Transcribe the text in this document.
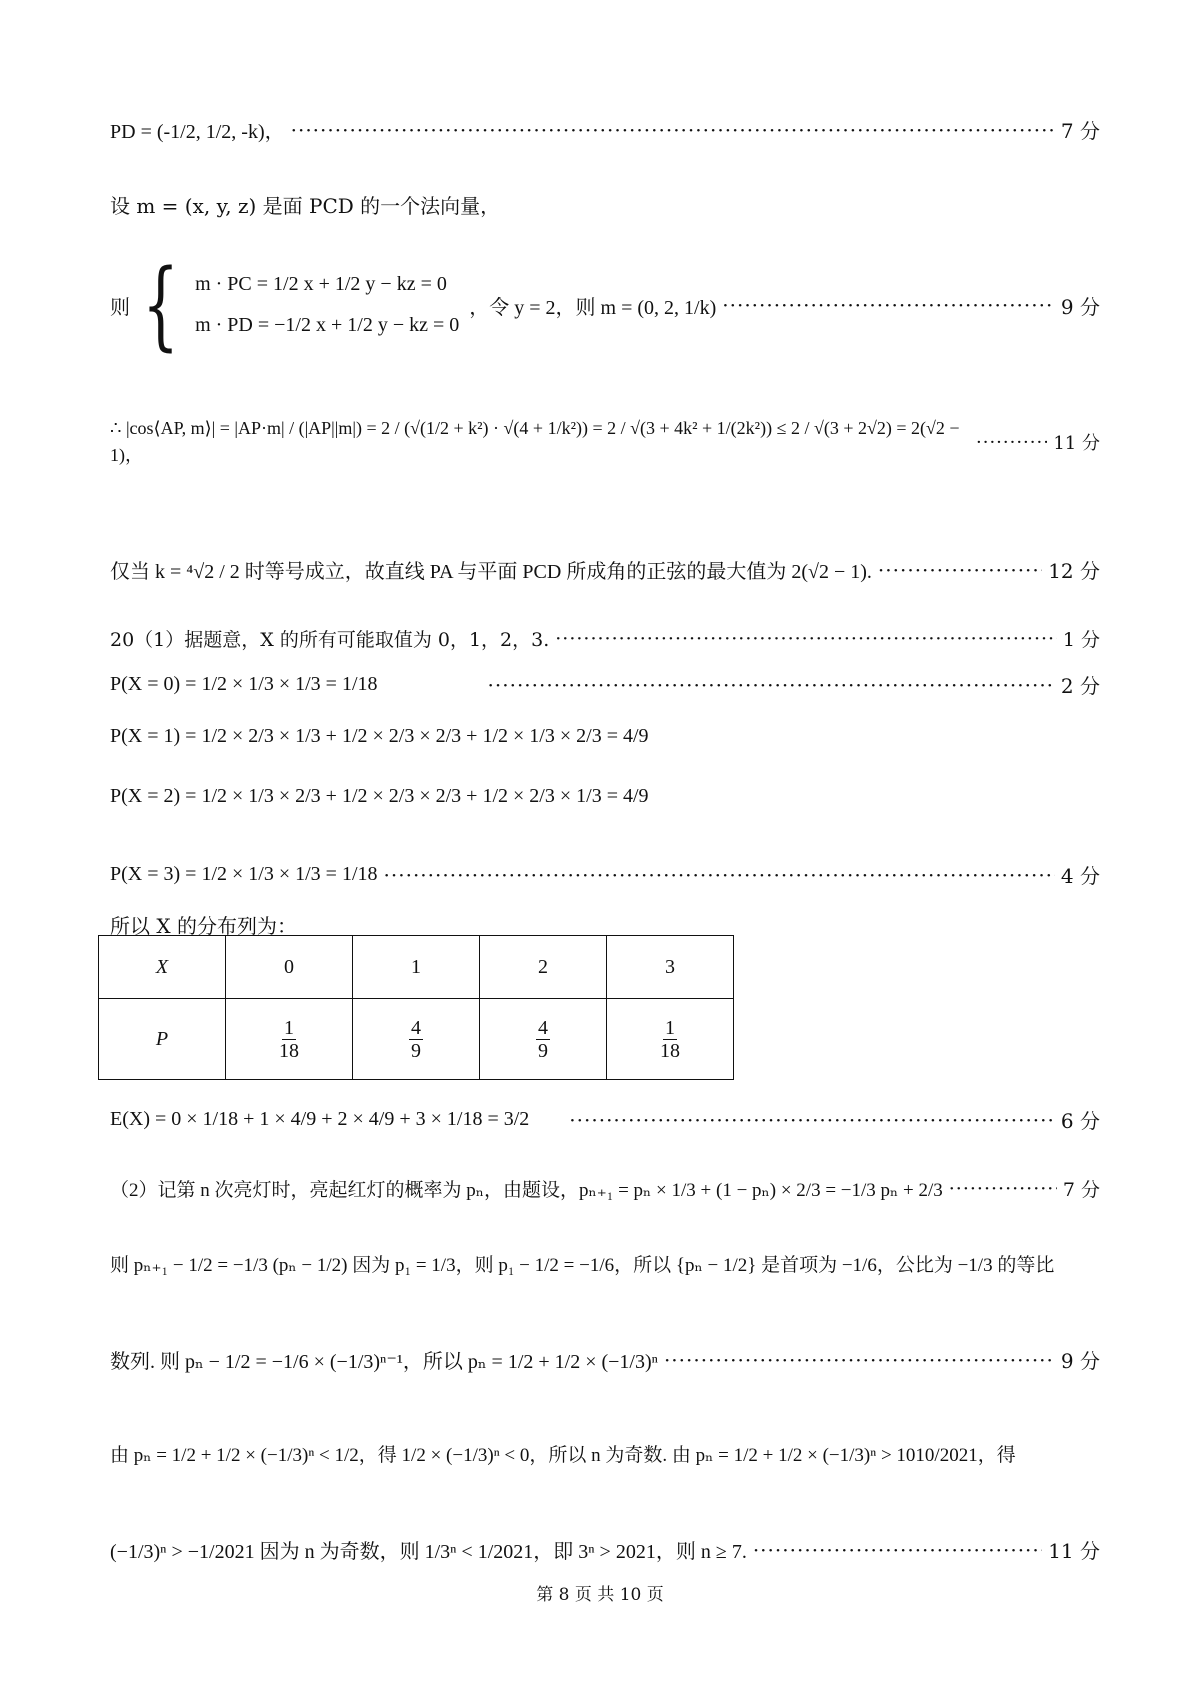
PD = (-1/2, 1/2, -k)， ·····	7 分
设 m = (x, y, z) 是面 PCD 的一个法向量，
则 { m · PC = 1/2 x + 1/2 y − kz = 0
m · PD = −1/2 x + 1/2 y − kz = 0
，令 y = 2，则 m = (0, 2, 1/k) ·····	9 分
∴ |cos⟨AP, m⟩| = |AP·m| / (|AP||m|) = 2 / (√(1/2 + k²) · √(4 + 1/k²)) = 2 / √(3 + 4k² + 1/(2k²)) ≤ 2 / √(3 + 2√2) = 2(√2 − 1)，
·····
11 分
仅当 k = ⁴√2 / 2 时等号成立，故直线 PA 与平面 PCD 所成角的正弦的最大值为 2(√2 − 1). ·····	12 分
20（1）据题意，X 的所有可能取值为 0，1，2，3. ·····	1 分
P(X = 0) = 1/2 × 1/3 × 1/3 = 1/18 ·····	2 分
P(X = 1) = 1/2 × 2/3 × 1/3 + 1/2 × 2/3 × 2/3 + 1/2 × 1/3 × 2/3 = 4/9
P(X = 2) = 1/2 × 1/3 × 2/3 + 1/2 × 2/3 × 2/3 + 1/2 × 2/3 × 1/3 = 4/9
P(X = 3) = 1/2 × 1/3 × 1/3 = 1/18 ·····	4 分
所以 X 的分布列为：
X	0	1	2	3
P	$\frac{1}{18}$	$\frac{4}{9}$	$\frac{4}{9}$	$\frac{1}{18}$
E(X) = 0 × 1/18 + 1 × 4/9 + 2 × 4/9 + 3 × 1/18 = 3/2 ·····	6 分
（2）记第 n 次亮灯时，亮起红灯的概率为 pₙ，由题设，pₙ₊₁ = pₙ × 1/3 + (1 − pₙ) × 2/3 = −1/3 pₙ + 2/3 ·····	7 分
则 pₙ₊₁ − 1/2 = −1/3 (pₙ − 1/2) 因为 p₁ = 1/3，则 p₁ − 1/2 = −1/6，所以 {pₙ − 1/2} 是首项为 −1/6，公比为 −1/3 的等比
数列. 则 pₙ − 1/2 = −1/6 × (−1/3)ⁿ⁻¹，所以 pₙ = 1/2 + 1/2 × (−1/3)ⁿ ·····	9 分
由 pₙ = 1/2 + 1/2 × (−1/3)ⁿ < 1/2，得 1/2 × (−1/3)ⁿ < 0，所以 n 为奇数. 由 pₙ = 1/2 + 1/2 × (−1/3)ⁿ > 1010/2021，得
(−1/3)ⁿ > −1/2021 因为 n 为奇数，则 1/3ⁿ < 1/2021，即 3ⁿ > 2021，则 n ≥ 7. ·····	11 分
第 8 页 共 10 页
